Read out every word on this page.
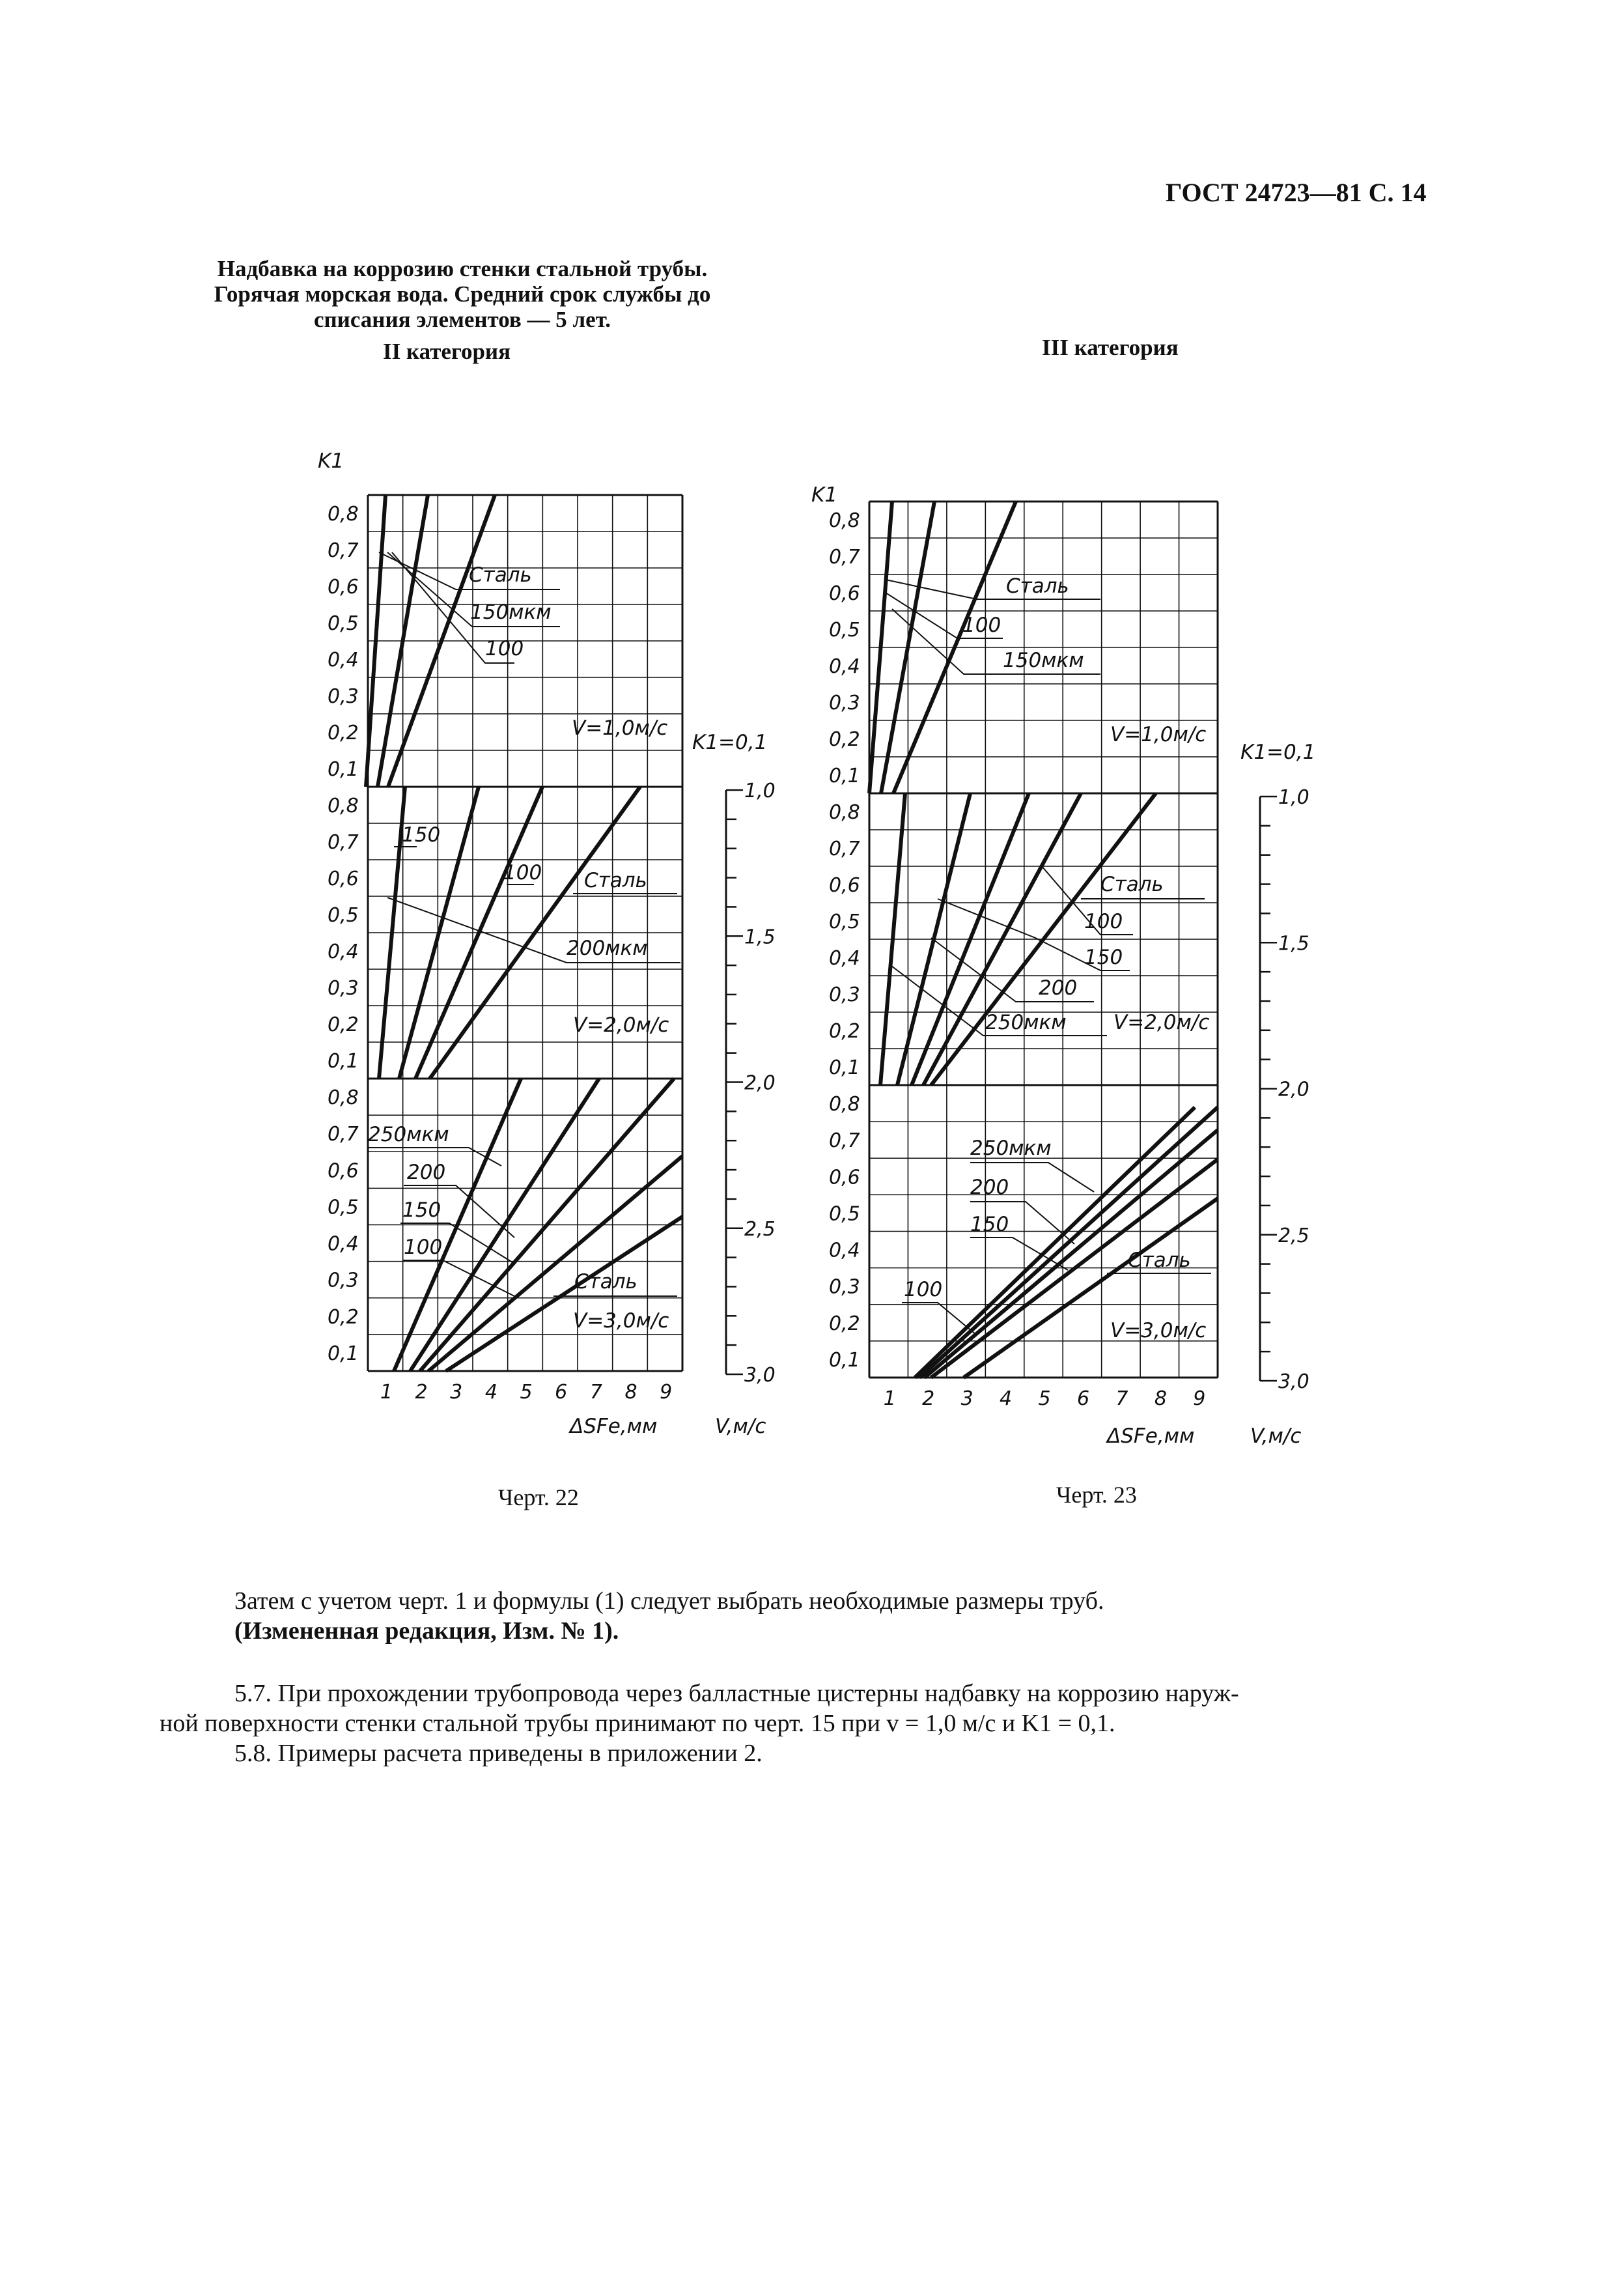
ГОСТ 24723—81 С. 14
Надбавка на коррозию стенки стальной трубы.
Горячая морская вода. Средний срок службы до
списания элементов — 5 лет.
II категория	III категория
K1
0,8
0,7
0,6
0,5
0,4
0,3
0,2
0,1
0,8
0,7
0,6
0,5
0,4
0,3
0,2
0,1
0,8
0,7
0,6
0,5
0,4
0,3
0,2
0,1
1 2 3 4 5 6 7 8 9
ΔSFe,мм	V,м/с
K1=0,1
1,0
1,5
2,0
2,5
3,0
Сталь
150мкм
100
V=1,0м/с
150
100 Сталь
200мкм
V=2,0м/с
250мкм
200
150
100
Сталь
V=3,0м/с
K1
0,8
0,7
0,6
0,5
0,4
0,3
0,2
0,1
0,8
0,7
0,6
0,5
0,4
0,3
0,2
0,1
0,8
0,7
0,6
0,5
0,4
0,3
0,2
0,1
1 2 3 4 5 6 7 8 9
ΔSFe,мм	V,м/с
K1=0,1
1,0
1,5
2,0
2,5
3,0
Сталь
100
150мкм
V=1,0м/с
Сталь
100
150
200
250мкм V=2,0м/с
250мкм
200
150
Сталь
100
V=3,0м/с
Черт. 22	Черт. 23
Затем с учетом черт. 1 и формулы (1) следует выбрать необходимые размеры труб.
(Измененная редакция, Изм. № 1).
5.7. При прохождении трубопровода через балластные цистерны надбавку на коррозию наруж-
ной поверхности стенки стальной трубы принимают по черт. 15 при v = 1,0 м/с и K1 = 0,1.
5.8. Примеры расчета приведены в приложении 2.
